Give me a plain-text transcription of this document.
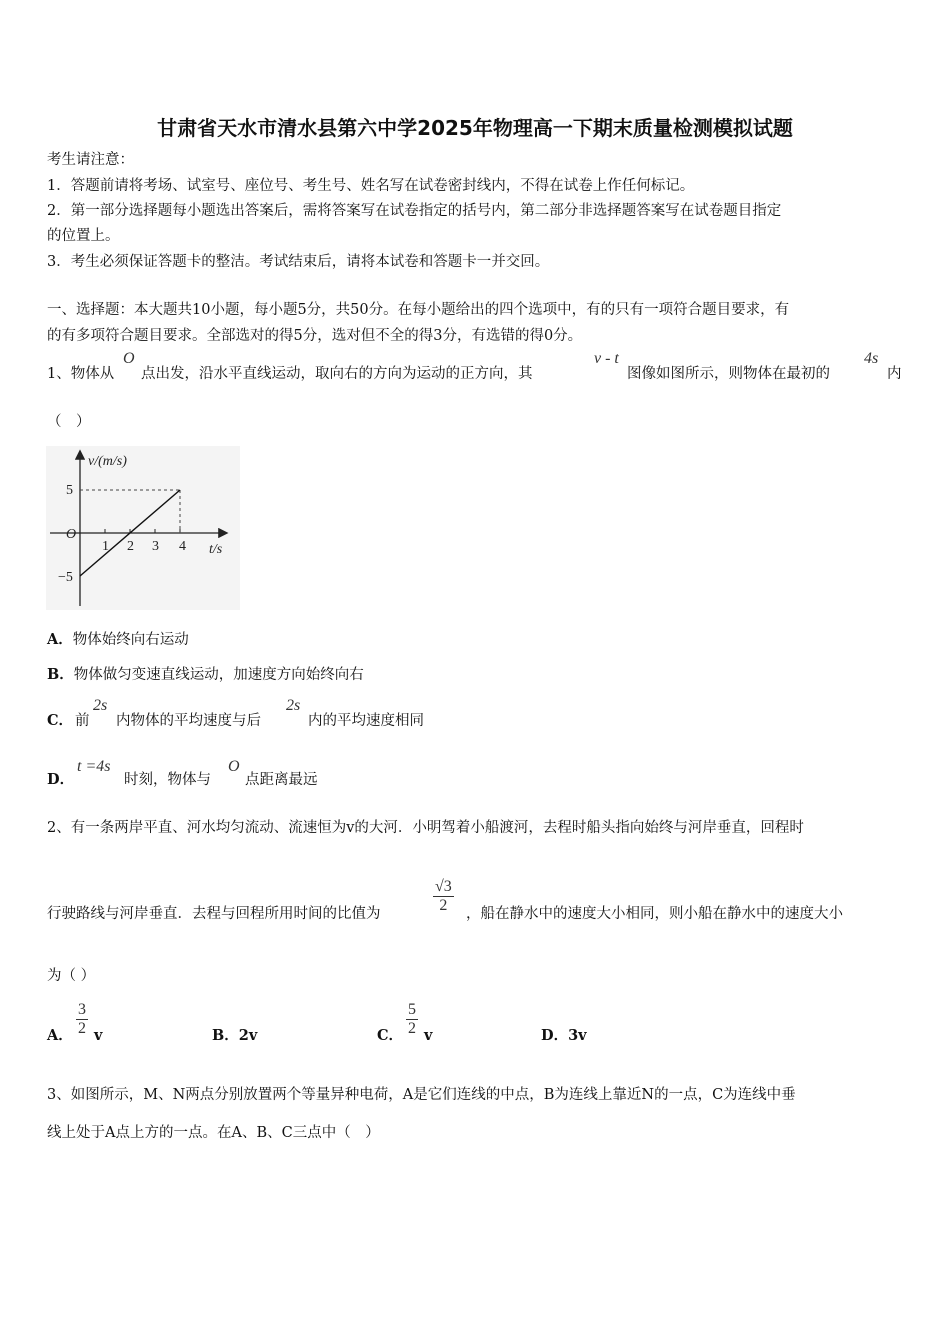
甘肃省天水市清水县第六中学2025年物理高一下期末质量检测模拟试题
考生请注意：
1．答题前请将考场、试室号、座位号、考生号、姓名写在试卷密封线内，不得在试卷上作任何标记。
2．第一部分选择题每小题选出答案后，需将答案写在试卷指定的括号内，第二部分非选择题答案写在试卷题目指定
的位置上。
3．考生必须保证答题卡的整洁。考试结束后，请将本试卷和答题卡一并交回。
一、选择题：本大题共10小题，每小题5分，共50分。在每小题给出的四个选项中，有的只有一项符合题目要求，有
的有多项符合题目要求。全部选对的得5分，选对但不全的得3分，有选错的得0分。
1、物体从
O
点出发，沿水平直线运动，取向右的方向为运动的正方向，其
v - t
图像如图所示，则物体在最初的
4s
内
（　）
v/(m/s)
t/s
O
5
−5
1 2 3 4
A．物体始终向右运动
B．物体做匀变速直线运动，加速度方向始终向右
C． 前
2s
内物体的平均速度与后
2s
内的平均速度相同
D．
t =4s
时刻，物体与
O
点距离最远
2、有一条两岸平直、河水均匀流动、流速恒为v的大河．小明驾着小船渡河，去程时船头指向始终与河岸垂直，回程时
行驶路线与河岸垂直．去程与回程所用时间的比值为	$\frac{√3}{2}$ ，船在静水中的速度大小相同，则小船在静水中的速度大小
为（ ）
A． $\frac{3}{2}$ v	B．2v	C． $\frac{5}{2}$ v	D．3v
3、如图所示，M、N两点分别放置两个等量异种电荷，A是它们连线的中点，B为连线上靠近N的一点，C为连线中垂
线上处于A点上方的一点。在A、B、C三点中（　）
